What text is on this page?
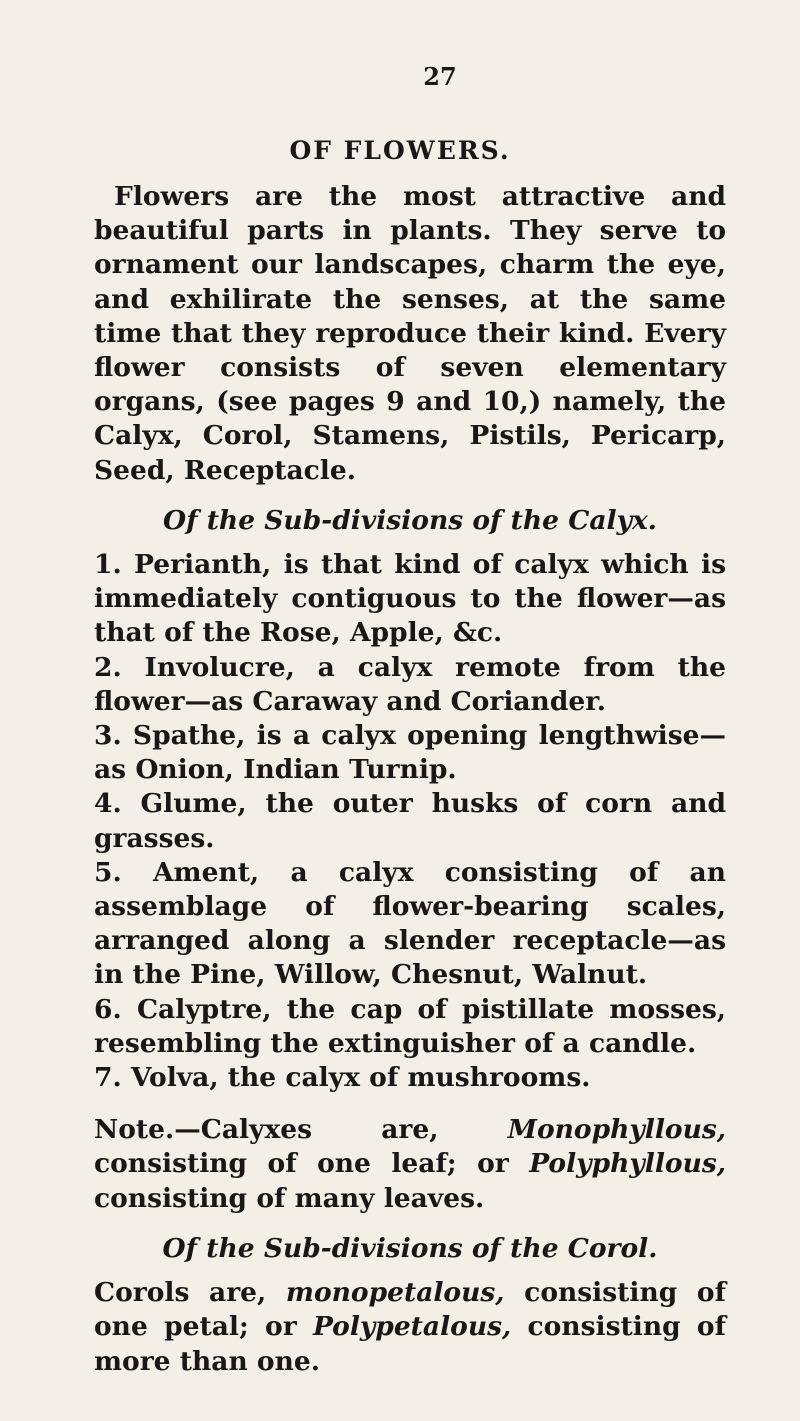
27
OF FLOWERS.

Flowers are the most attractive and beautiful parts in plants. They serve to ornament our landscapes, charm the eye, and exhilirate the senses, at the same time that they reproduce their kind. Every flower consists of seven elementary organs, (see pages 9 and 10,) namely, the Calyx, Corol, Stamens, Pistils, Pericarp, Seed, Receptacle.

Of the Sub-divisions of the Calyx.

1. Perianth, is that kind of calyx which is immediately contiguous to the flower—as that of the Rose, Apple, &c.

2. Involucre, a calyx remote from the flower—as Caraway and Coriander.

3. Spathe, is a calyx opening lengthwise—as Onion, Indian Turnip.

4. Glume, the outer husks of corn and grasses.

5. Ament, a calyx consisting of an assemblage of flower-bearing scales, arranged along a slender receptacle—as in the Pine, Willow, Chesnut, Walnut.

6. Calyptre, the cap of pistillate mosses, resembling the extinguisher of a candle.

7. Volva, the calyx of mushrooms.

Note.—Calyxes are, Monophyllous, consisting of one leaf; or Polyphyllous, consisting of many leaves.

Of the Sub-divisions of the Corol.

Corols are, monopetalous, consisting of one petal; or Polypetalous, consisting of more than one.
